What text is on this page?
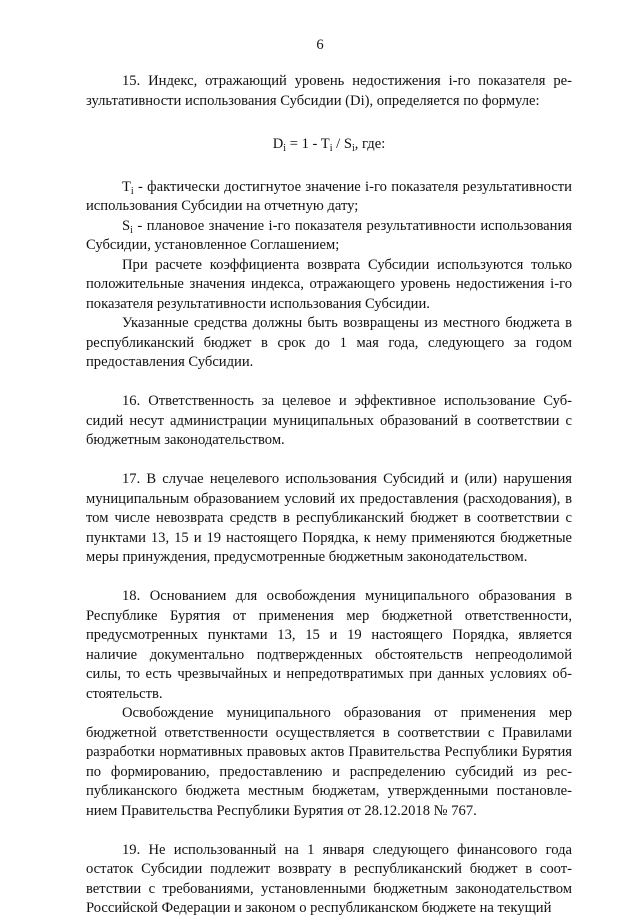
6

15. Индекс, отражающий уровень недостижения i-го показателя результативности использования Субсидии (Di), определяется по формуле:

$D_i = 1 - T_i / S_i$, где:

$T_i$ - фактически достигнутое значение i-го показателя результативности использования Субсидии на отчетную дату;

$S_i$ - плановое значение i-го показателя результативности использования Субсидии, установленное Соглашением;

При расчете коэффициента возврата Субсидии используются только положительные значения индекса, отражающего уровень недостижения i-го показателя результативности использования Субсидии.

Указанные средства должны быть возвращены из местного бюджета в республиканский бюджет в срок до 1 мая года, следующего за годом предоставления Субсидии.

16. Ответственность за целевое и эффективное использование Субсидий несут администрации муниципальных образований в соответствии с бюджетным законодательством.

17. В случае нецелевого использования Субсидий и (или) нарушения муниципальным образованием условий их предоставления (расходования), в том числе невозврата средств в республиканский бюджет в соответствии с пунктами 13, 15 и 19 настоящего Порядка, к нему применяются бюджетные меры принуждения, предусмотренные бюджетным законодательством.

18. Основанием для освобождения муниципального образования в Республике Бурятия от применения мер бюджетной ответственности, предусмотренных пунктами 13, 15 и 19 настоящего Порядка, является наличие документально подтвержденных обстоятельств непреодолимой силы, то есть чрезвычайных и непредотвратимых при данных условиях обстоятельств.

Освобождение муниципального образования от применения мер бюджетной ответственности осуществляется в соответствии с Правилами разработки нормативных правовых актов Правительства Республики Бурятия по формированию, предоставлению и распределению субсидий из республиканского бюджета местным бюджетам, утвержденными постановлением Правительства Республики Бурятия от 28.12.2018 № 767.

19. Не использованный на 1 января следующего финансового года остаток Субсидии подлежит возврату в республиканский бюджет в соответствии с требованиями, установленными бюджетным законодательством Российской Федерации и законом о республиканском бюджете на текущий
